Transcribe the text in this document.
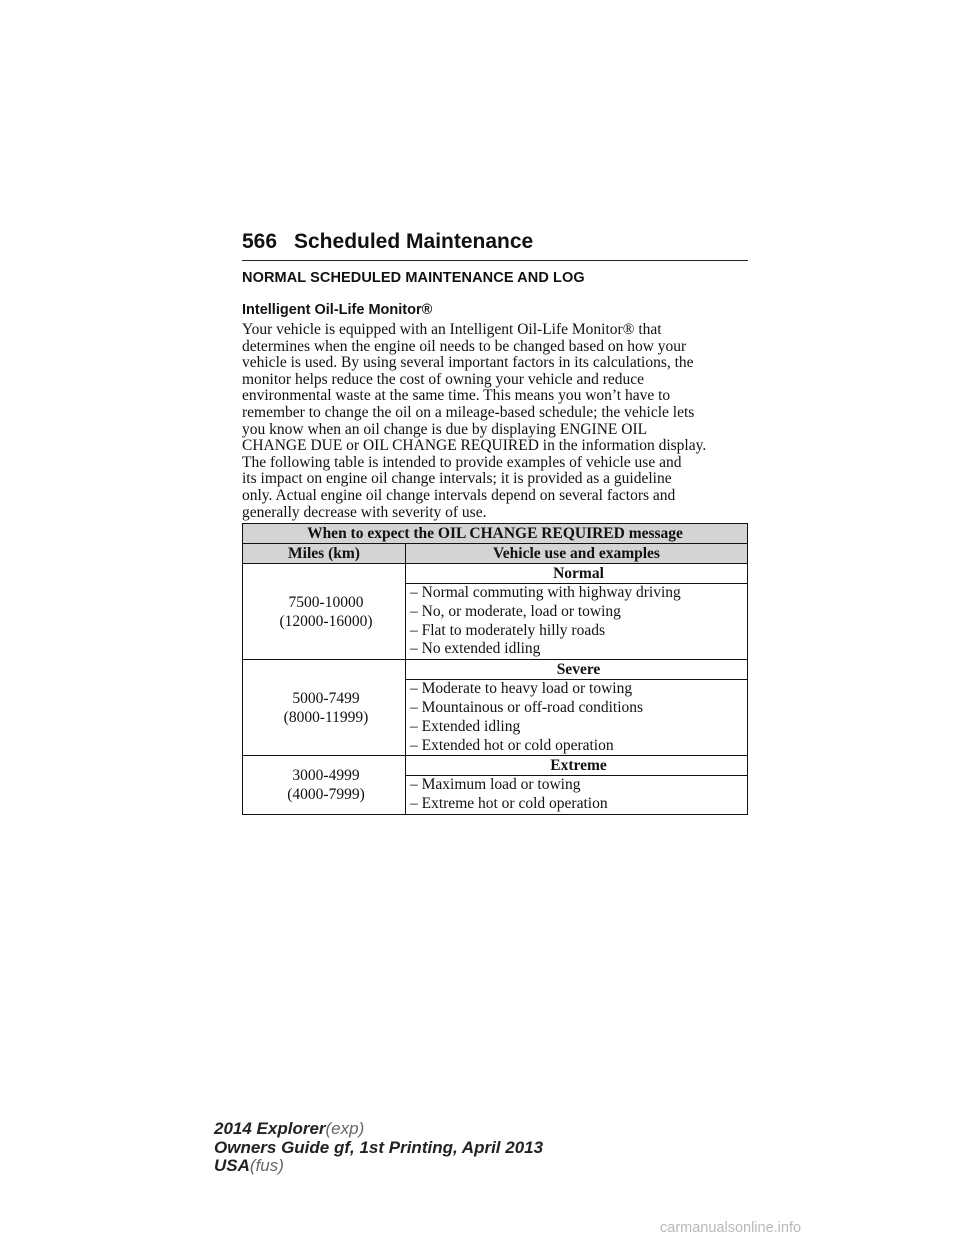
566 Scheduled Maintenance
NORMAL SCHEDULED MAINTENANCE AND LOG
Intelligent Oil-Life Monitor®
Your vehicle is equipped with an Intelligent Oil-Life Monitor® that
determines when the engine oil needs to be changed based on how your
vehicle is used. By using several important factors in its calculations, the
monitor helps reduce the cost of owning your vehicle and reduce
environmental waste at the same time. This means you won’t have to
remember to change the oil on a mileage-based schedule; the vehicle lets
you know when an oil change is due by displaying ENGINE OIL
CHANGE DUE or OIL CHANGE REQUIRED in the information display.
The following table is intended to provide examples of vehicle use and
its impact on engine oil change intervals; it is provided as a guideline
only. Actual engine oil change intervals depend on several factors and
generally decrease with severity of use.
When to expect the OIL CHANGE REQUIRED message	
Miles (km)	Vehicle use and examples

7500-10000
(12000-16000)	Normal

	– Normal commuting with highway driving
– No, or moderate, load or towing
– Flat to moderately hilly roads
– No extended idling

5000-7499
(8000-11999)	Severe

	– Moderate to heavy load or towing
– Mountainous or off-road conditions
– Extended idling
– Extended hot or cold operation

3000-4999
(4000-7999)	Extreme

	– Maximum load or towing
– Extreme hot or cold operation
2014 Explorer(exp)
Owners Guide gf, 1st Printing, April 2013
USA(fus)
carmanualsonline.info
